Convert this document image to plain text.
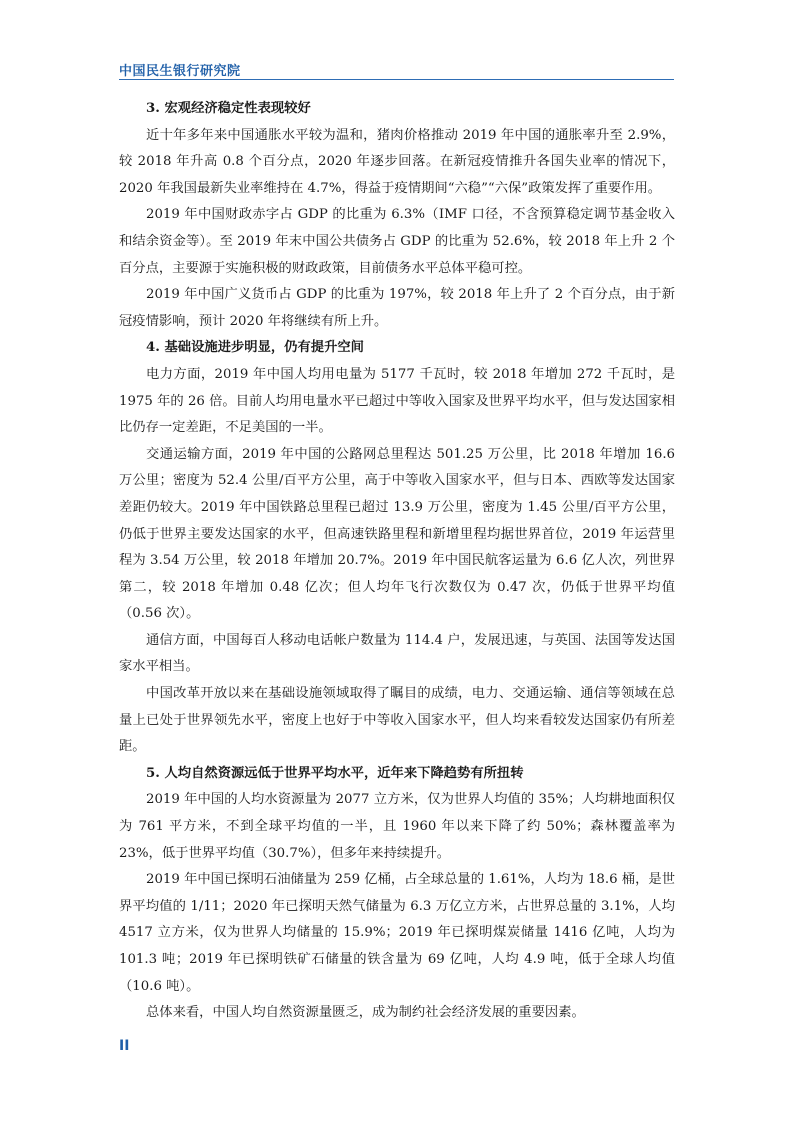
中国民生银行研究院
3. 宏观经济稳定性表现较好

近十年多年来中国通胀水平较为温和，猪肉价格推动 2019 年中国的通胀率升至 2.9%，较 2018 年升高 0.8 个百分点，2020 年逐步回落。在新冠疫情推升各国失业率的情况下，2020 年我国最新失业率维持在 4.7%，得益于疫情期间“六稳”“六保”政策发挥了重要作用。

2019 年中国财政赤字占 GDP 的比重为 6.3%（IMF 口径，不含预算稳定调节基金收入和结余资金等）。至 2019 年末中国公共债务占 GDP 的比重为 52.6%，较 2018 年上升 2 个百分点，主要源于实施积极的财政政策，目前债务水平总体平稳可控。

2019 年中国广义货币占 GDP 的比重为 197%，较 2018 年上升了 2 个百分点，由于新冠疫情影响，预计 2020 年将继续有所上升。

4. 基础设施进步明显，仍有提升空间

电力方面，2019 年中国人均用电量为 5177 千瓦时，较 2018 年增加 272 千瓦时，是 1975 年的 26 倍。目前人均用电量水平已超过中等收入国家及世界平均水平，但与发达国家相比仍存一定差距，不足美国的一半。

交通运输方面，2019 年中国的公路网总里程达 501.25 万公里，比 2018 年增加 16.6 万公里；密度为 52.4 公里/百平方公里，高于中等收入国家水平，但与日本、西欧等发达国家差距仍较大。2019 年中国铁路总里程已超过 13.9 万公里，密度为 1.45 公里/百平方公里，仍低于世界主要发达国家的水平，但高速铁路里程和新增里程均据世界首位，2019 年运营里程为 3.54 万公里，较 2018 年增加 20.7%。2019 年中国民航客运量为 6.6 亿人次，列世界第二，较 2018 年增加 0.48 亿次；但人均年飞行次数仅为 0.47 次，仍低于世界平均值（0.56 次）。

通信方面，中国每百人移动电话帐户数量为 114.4 户，发展迅速，与英国、法国等发达国家水平相当。

中国改革开放以来在基础设施领域取得了瞩目的成绩，电力、交通运输、通信等领域在总量上已处于世界领先水平，密度上也好于中等收入国家水平，但人均来看较发达国家仍有所差距。

5. 人均自然资源远低于世界平均水平，近年来下降趋势有所扭转

2019 年中国的人均水资源量为 2077 立方米，仅为世界人均值的 35%；人均耕地面积仅为 761 平方米，不到全球平均值的一半，且 1960 年以来下降了约 50%；森林覆盖率为 23%，低于世界平均值（30.7%），但多年来持续提升。

2019 年中国已探明石油储量为 259 亿桶，占全球总量的 1.61%，人均为 18.6 桶，是世界平均值的 1/11；2020 年已探明天然气储量为 6.3 万亿立方米，占世界总量的 3.1%，人均 4517 立方米，仅为世界人均储量的 15.9%；2019 年已探明煤炭储量 1416 亿吨，人均为 101.3 吨；2019 年已探明铁矿石储量的铁含量为 69 亿吨，人均 4.9 吨，低于全球人均值（10.6 吨）。

总体来看，中国人均自然资源量匮乏，成为制约社会经济发展的重要因素。

II
